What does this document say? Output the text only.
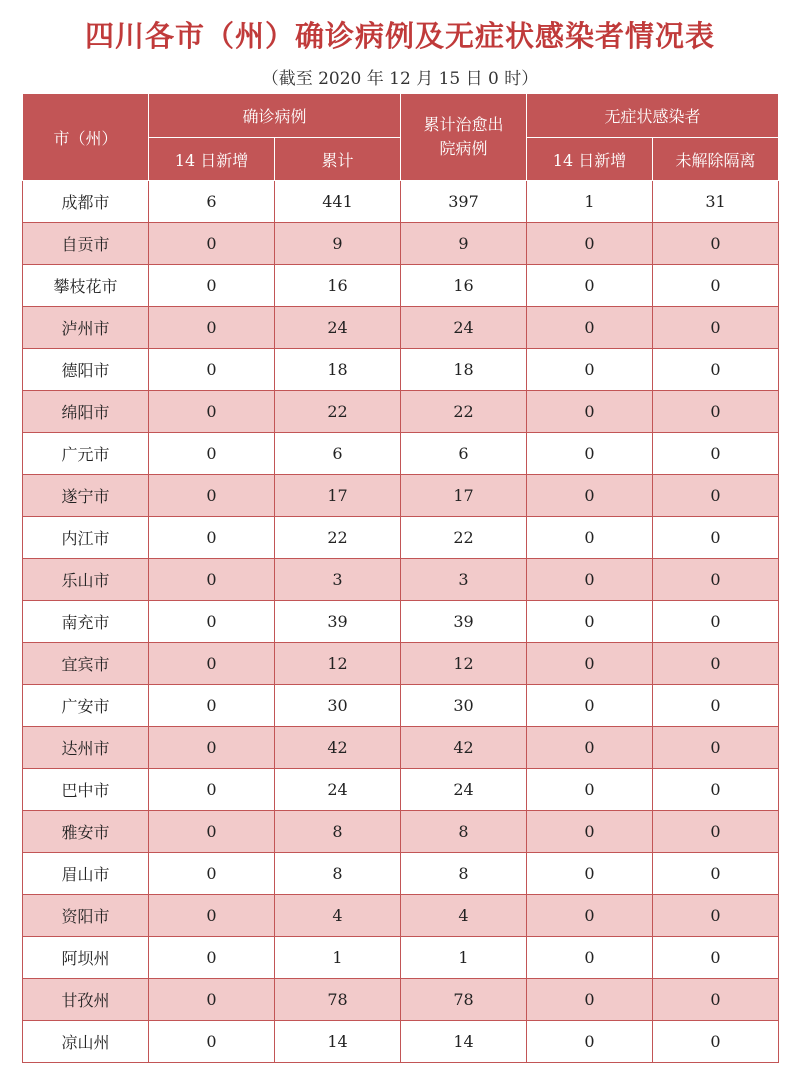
四川各市（州）确诊病例及无症状感染者情况表
（截至 2020 年 12 月 15 日 0 时）
市（州）	确诊病例		累计治愈出
院病例	无症状感染者	
	14 日新增	累计		14 日新增	未解除隔离
成都市	6	441	397	1	31
自贡市	0	9	9	0	0
攀枝花市	0	16	16	0	0
泸州市	0	24	24	0	0
德阳市	0	18	18	0	0
绵阳市	0	22	22	0	0
广元市	0	6	6	0	0
遂宁市	0	17	17	0	0
内江市	0	22	22	0	0
乐山市	0	3	3	0	0
南充市	0	39	39	0	0
宜宾市	0	12	12	0	0
广安市	0	30	30	0	0
达州市	0	42	42	0	0
巴中市	0	24	24	0	0
雅安市	0	8	8	0	0
眉山市	0	8	8	0	0
资阳市	0	4	4	0	0
阿坝州	0	1	1	0	0
甘孜州	0	78	78	0	0
凉山州	0	14	14	0	0
